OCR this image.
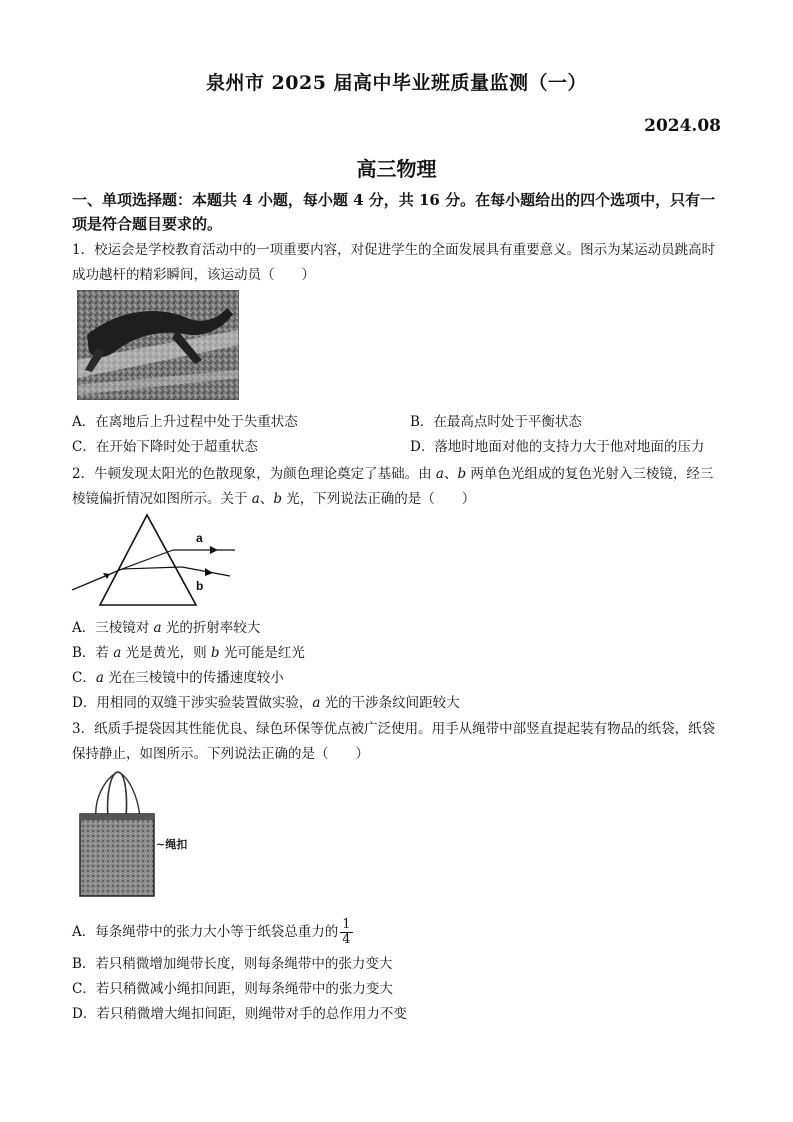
泉州市 2025 届高中毕业班质量监测（一）
2024.08
高三物理
一、单项选择题：本题共 4 小题，每小题 4 分，共 16 分。在每小题给出的四个选项中，只有一项是符合题目要求的。
1．校运会是学校教育活动中的一项重要内容，对促进学生的全面发展具有重要意义。图示为某运动员跳高时成功越杆的精彩瞬间，该运动员（　　）
A．在离地后上升过程中处于失重状态	B．在最高点时处于平衡状态
C．在开始下降时处于超重状态	D．落地时地面对他的支持力大于他对地面的压力
2．牛顿发现太阳光的色散现象，为颜色理论奠定了基础。由 a、b 两单色光组成的复色光射入三棱镜，经三棱镜偏折情况如图所示。关于 a、b 光，下列说法正确的是（　　）
a
b
A．三棱镜对 a 光的折射率较大
B．若 a 光是黄光，则 b 光可能是红光
C．a 光在三棱镜中的传播速度较小
D．用相同的双缝干涉实验装置做实验，a 光的干涉条纹间距较大
3．纸质手提袋因其性能优良、绿色环保等优点被广泛使用。用手从绳带中部竖直提起装有物品的纸袋，纸袋保持静止，如图所示。下列说法正确的是（　　）
~绳扣
A．每条绳带中的张力大小等于纸袋总重力的 $\frac{1}{4}$
B．若只稍微增加绳带长度，则每条绳带中的张力变大
C．若只稍微减小绳扣间距，则每条绳带中的张力变大
D．若只稍微增大绳扣间距，则绳带对手的总作用力不变
